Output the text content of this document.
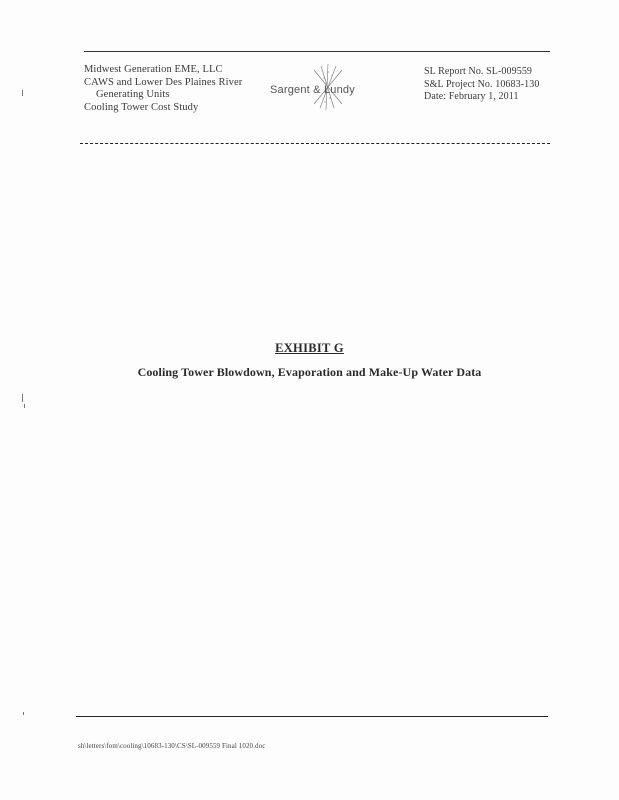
Midwest Generation EME, LLC
CAWS and Lower Des Plaines River
Generating Units
Cooling Tower Cost Study
Sargent & Lundy
SL Report No. SL-009559
S&L Project No. 10683-130
Date: February 1, 2011
EXHIBIT G
Cooling Tower Blowdown, Evaporation and Make-Up Water Data
sh\letters\fom\cooling\10683-130\CS\SL-009559 Final 1020.doc
